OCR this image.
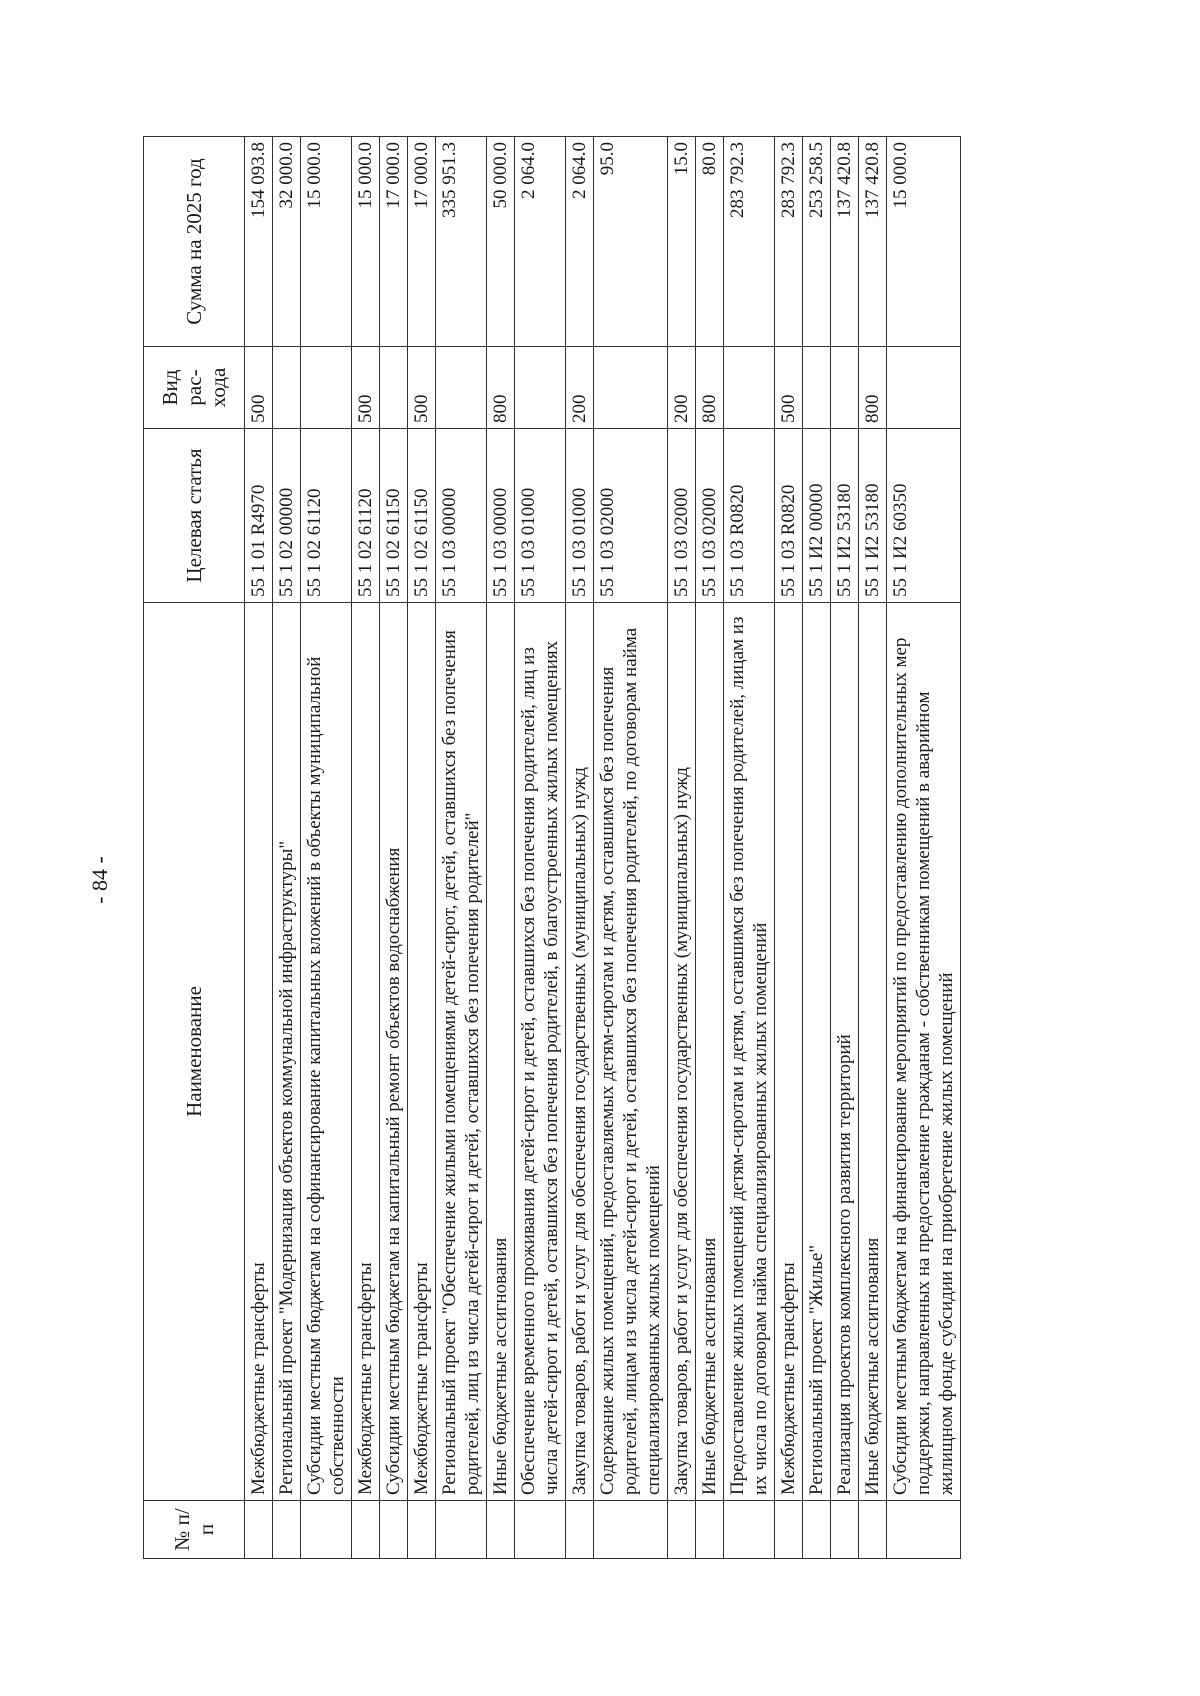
- 84 -
№ п/п	Наименование	Целевая статья	Вид рас- хода	Сумма на 2025 год
	Межбюджетные трансферты	55 1 01 R4970	500	154 093.8
	Региональный проект "Модернизация объектов коммунальной инфраструктуры"	55 1 02 00000		32 000.0
	Субсидии местным бюджетам на софинансирование капитальных вложений в объекты муниципальной собственности	55 1 02 61120		15 000.0
	Межбюджетные трансферты	55 1 02 61120	500	15 000.0
	Субсидии местным бюджетам на капитальный ремонт объектов водоснабжения	55 1 02 61150		17 000.0
	Межбюджетные трансферты	55 1 02 61150	500	17 000.0
	Региональный проект "Обеспечение жилыми помещениями детей-сирот, детей, оставшихся без попечения родителей, лиц из числа детей-сирот и детей, оставшихся без попечения родителей"	55 1 03 00000		335 951.3
	Иные бюджетные ассигнования	55 1 03 00000	800	50 000.0
	Обеспечение временного проживания детей-сирот и детей, оставшихся без попечения родителей, лиц из числа детей-сирот и детей, оставшихся без попечения родителей, в благоустроенных жилых помещениях	55 1 03 01000		2 064.0
	Закупка товаров, работ и услуг для обеспечения государственных (муниципальных) нужд	55 1 03 01000	200	2 064.0
	Содержание жилых помещений, предоставляемых детям-сиротам и детям, оставшимся без попечения родителей, лицам из числа детей-сирот и детей, оставшихся без попечения родителей, по договорам найма специализированных жилых помещений	55 1 03 02000		95.0
	Закупка товаров, работ и услуг для обеспечения государственных (муниципальных) нужд	55 1 03 02000	200	15.0
	Иные бюджетные ассигнования	55 1 03 02000	800	80.0
	Предоставление жилых помещений детям-сиротам и детям, оставшимся без попечения родителей, лицам из их числа по договорам найма специализированных жилых помещений	55 1 03 R0820		283 792.3
	Межбюджетные трансферты	55 1 03 R0820	500	283 792.3
	Региональный проект "Жилье"	55 1 И2 00000		253 258.5
	Реализация проектов комплексного развития территорий	55 1 И2 53180		137 420.8
	Иные бюджетные ассигнования	55 1 И2 53180	800	137 420.8
	Субсидии местным бюджетам на финансирование мероприятий по предоставлению дополнительных мер поддержки, направленных на предоставление гражданам - собственникам помещений в аварийном жилищном фонде субсидии на приобретение жилых помещений	55 1 И2 60350		15 000.0
